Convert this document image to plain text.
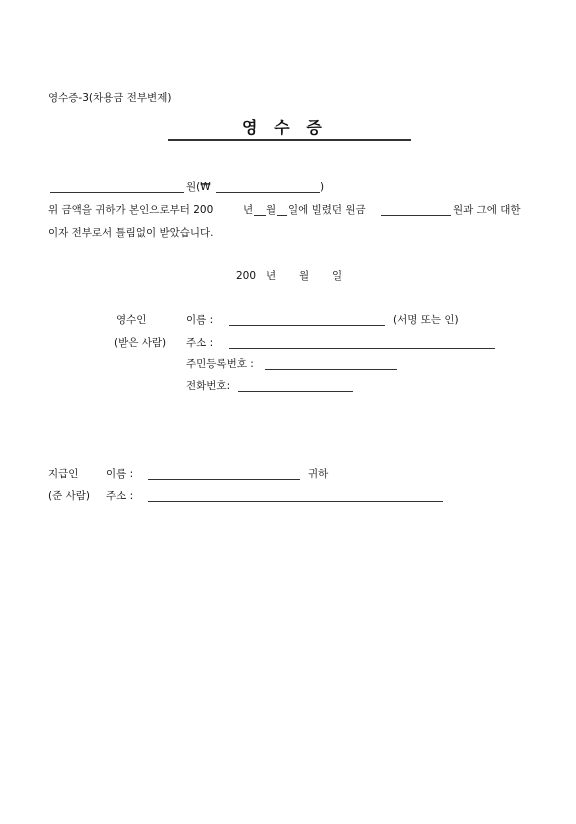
영수증-3(차용금 전부변제)
영   수   증
원(₩	)
위 금액을 귀하가 본인으로부터 200	년 월 일에 빌렸던 원금	원과 그에 대한
이자 전부로서 틀림없이 받았습니다.
200 년 월 일
영수인	이름 :	(서명 또는 인)
(받은 사람) 주소 :
주민등록번호 :
전화번호:
지급인	이름 :	귀하
(준 사람) 주소 :
